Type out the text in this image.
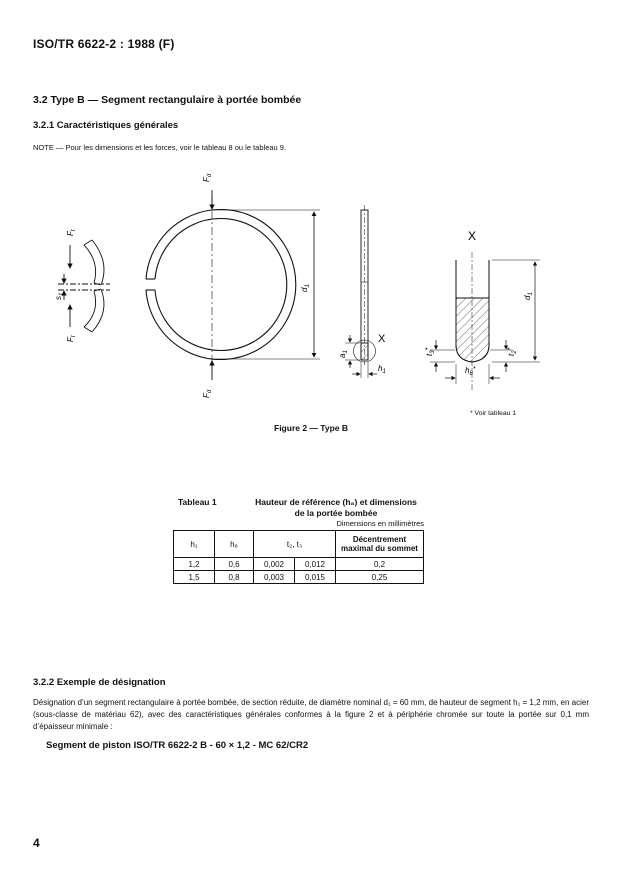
ISO/TR 6622-2 : 1988 (F)
3.2 Type B — Segment rectangulaire à portée bombée
3.2.1 Caractéristiques générales
NOTE — Pour les dimensions et les forces, voir le tableau 8 ou le tableau 9.
$F_t$
$s_1$
$F_t$
$F_d$
$F_d$
$d_1$
X
$a_1$
$h_1$
X
$d_1$
$t_3*$
$t_2*$
$h_8*$
* Voir tableau 1
Figure 2 — Type B
Tableau 1	Hauteur de référence (h₈) et dimensions
de la portée bombée
Dimensions en millimètres
h₁	h₈	t₂, t₃		Décentrement
maximal du sommet
1,2	0,6	0,002	0,012	0,2
1,5	0,8	0,003	0,015	0,25
3.2.2 Exemple de désignation
Désignation d’un segment rectangulaire à portée bombée, de section réduite, de diamètre nominal d₁ = 60 mm, de hauteur de segment h₁ = 1,2 mm, en acier (sous-classe de matériau 62), avec des caractéristiques générales conformes à la figure 2 et à périphérie chromée sur toute la portée sur 0,1 mm d’épaisseur minimale :
Segment de piston ISO/TR 6622-2 B - 60 × 1,2 - MC 62/CR2
4
